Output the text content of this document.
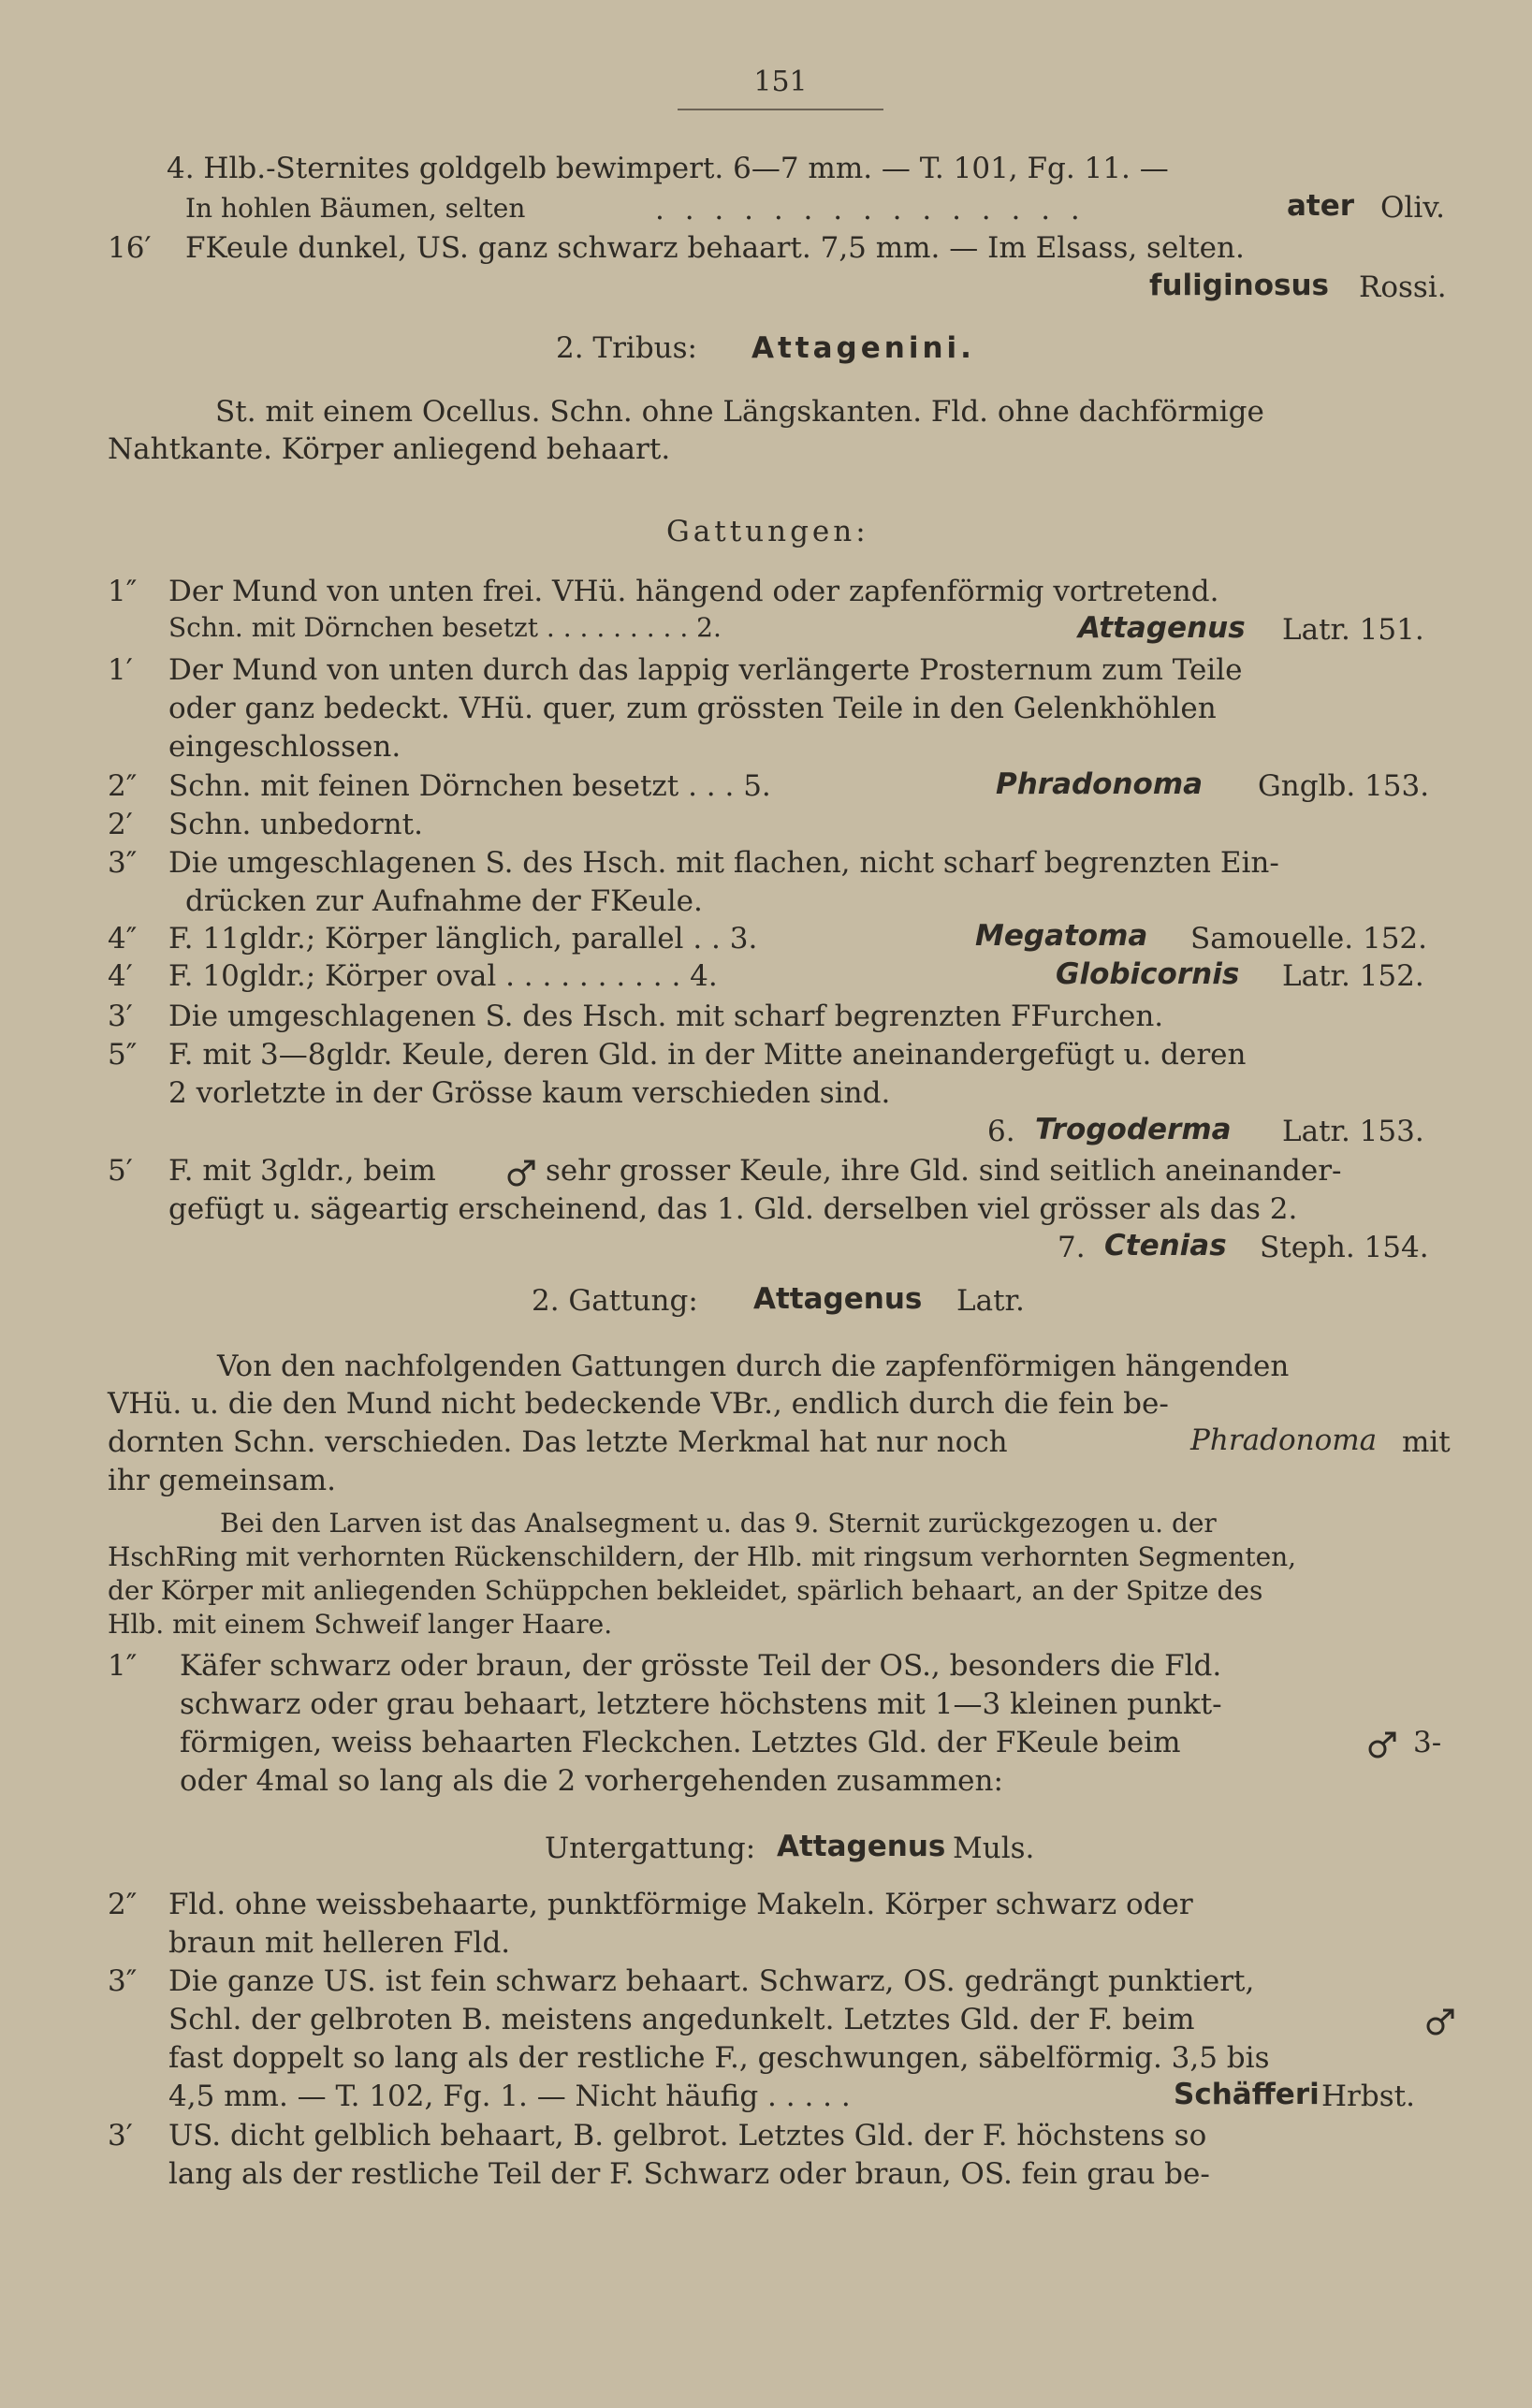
151
4. Hlb.-Sternites goldgelb bewimpert. 6—7 mm. — T. 101, Fg. 11. —
In hohlen Bäumen, selten	. . . . . . . . . . . . . . .	ater Oliv.
16′ FKeule dunkel, US. ganz schwarz behaart. 7,5 mm. — Im Elsass, selten.
fuliginosus Rossi.
2. Tribus: Attagenini.
St. mit einem Ocellus. Schn. ohne Längskanten. Fld. ohne dachförmige
Nahtkante. Körper anliegend behaart.
Gattungen:
1″ Der Mund von unten frei. VHü. hängend oder zapfenförmig vortretend.
Schn. mit Dörnchen besetzt . . . . . . . . . 2.	Attagenus Latr. 151.
1′ Der Mund von unten durch das lappig verlängerte Prosternum zum Teile
oder ganz bedeckt. VHü. quer, zum grössten Teile in den Gelenkhöhlen
eingeschlossen.
2″ Schn. mit feinen Dörnchen besetzt . . . 5.	Phradonoma Gnglb. 153.
2′ Schn. unbedornt.
3″ Die umgeschlagenen S. des Hsch. mit flachen, nicht scharf begrenzten Ein-
drücken zur Aufnahme der FKeule.
4″ F. 11gldr.; Körper länglich, parallel . . 3.	Megatoma Samouelle. 152.
4′ F. 10gldr.; Körper oval . . . . . . . . . . 4.	Globicornis Latr. 152.
3′ Die umgeschlagenen S. des Hsch. mit scharf begrenzten FFurchen.
5″ F. mit 3—8gldr. Keule, deren Gld. in der Mitte aneinandergefügt u. deren
2 vorletzte in der Grösse kaum verschieden sind.
6. Trogoderma Latr. 153.
5′ F. mit 3gldr., beim	sehr grosser Keule, ihre Gld. sind seitlich aneinander-
gefügt u. sägeartig erscheinend, das 1. Gld. derselben viel grösser als das 2.
7. Ctenias Steph. 154.
2. Gattung: Attagenus Latr.
Von den nachfolgenden Gattungen durch die zapfenförmigen hängenden
VHü. u. die den Mund nicht bedeckende VBr., endlich durch die fein be-
dornten Schn. verschieden. Das letzte Merkmal hat nur noch	Phradonoma mit
ihr gemeinsam.
Bei den Larven ist das Analsegment u. das 9. Sternit zurückgezogen u. der
HschRing mit verhornten Rückenschildern, der Hlb. mit ringsum verhornten Segmenten,
der Körper mit anliegenden Schüppchen bekleidet, spärlich behaart, an der Spitze des
Hlb. mit einem Schweif langer Haare.
1″ Käfer schwarz oder braun, der grösste Teil der OS., besonders die Fld.
schwarz oder grau behaart, letztere höchstens mit 1—3 kleinen punkt-
förmigen, weiss behaarten Fleckchen. Letztes Gld. der FKeule beim	3-
oder 4mal so lang als die 2 vorhergehenden zusammen:
Untergattung: Attagenus Muls.
2″ Fld. ohne weissbehaarte, punktförmige Makeln. Körper schwarz oder
braun mit helleren Fld.
3″ Die ganze US. ist fein schwarz behaart. Schwarz, OS. gedrängt punktiert,
Schl. der gelbroten B. meistens angedunkelt. Letztes Gld. der F. beim
fast doppelt so lang als der restliche F., geschwungen, säbelförmig. 3,5 bis
4,5 mm. — T. 102, Fg. 1. — Nicht häufig . . . . .	Schäfferi Hrbst.
3′ US. dicht gelblich behaart, B. gelbrot. Letztes Gld. der F. höchstens so
lang als der restliche Teil der F. Schwarz oder braun, OS. fein grau be-
